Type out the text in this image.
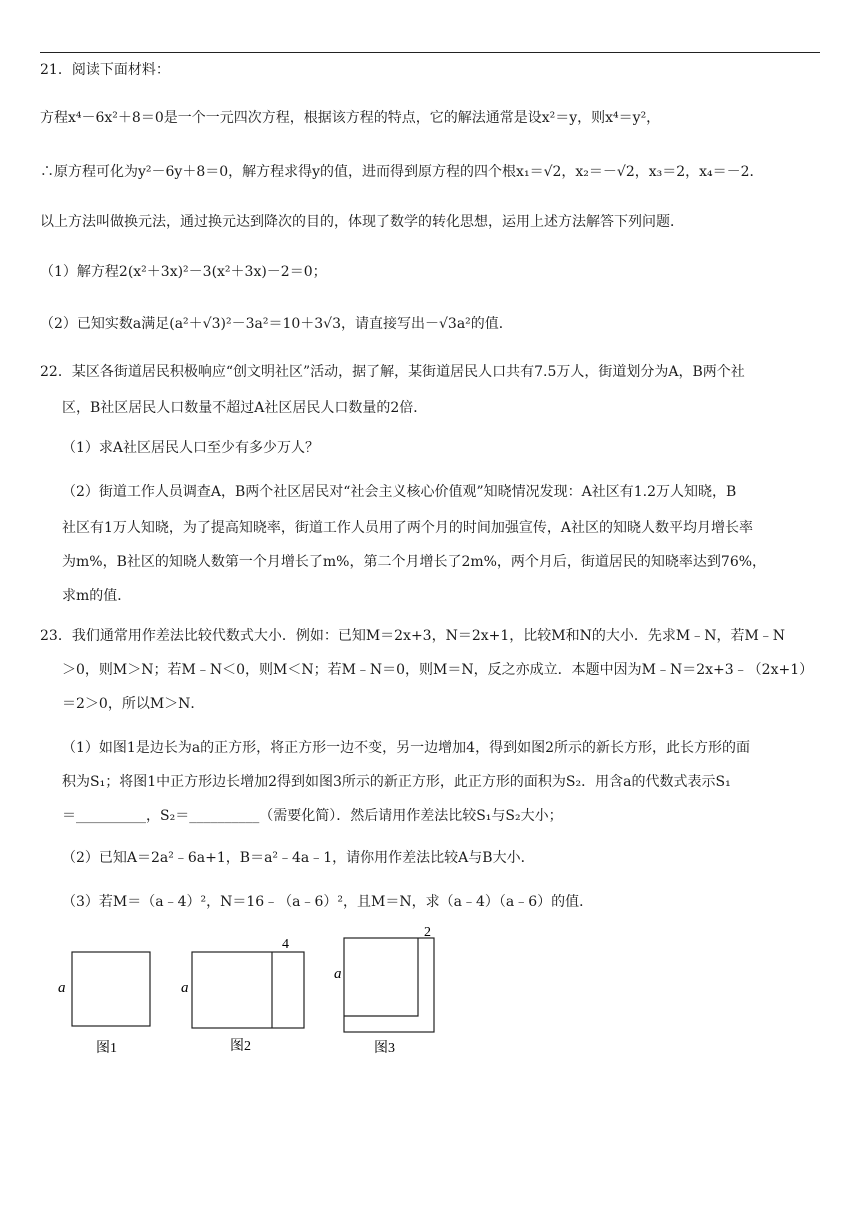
21．阅读下面材料：
方程x⁴－6x²＋8＝0是一个一元四次方程，根据该方程的特点，它的解法通常是设x²＝y，则x⁴＝y²，
∴原方程可化为y²－6y＋8＝0，解方程求得y的值，进而得到原方程的四个根x₁＝√2，x₂＝－√2，x₃＝2，x₄＝－2．
以上方法叫做换元法，通过换元达到降次的目的，体现了数学的转化思想，运用上述方法解答下列问题．
（1）解方程2(x²＋3x)²－3(x²＋3x)－2＝0；
（2）已知实数a满足(a²＋√3)²－3a²＝10＋3√3，请直接写出－√3a²的值．
22．某区各街道居民积极响应“创文明社区”活动，据了解，某街道居民人口共有7.5万人，街道划分为A，B两个社
区，B社区居民人口数量不超过A社区居民人口数量的2倍．
（1）求A社区居民人口至少有多少万人？
（2）街道工作人员调查A，B两个社区居民对“社会主义核心价值观”知晓情况发现：A社区有1.2万人知晓，B
社区有1万人知晓，为了提高知晓率，街道工作人员用了两个月的时间加强宣传，A社区的知晓人数平均月增长率
为m%，B社区的知晓人数第一个月增长了m%，第二个月增长了2m%，两个月后，街道居民的知晓率达到76%，
求m的值．
23．我们通常用作差法比较代数式大小．例如：已知M＝2x+3，N＝2x+1，比较M和N的大小．先求M﹣N，若M﹣N
＞0，则M＞N；若M﹣N＜0，则M＜N；若M﹣N＝0，则M＝N，反之亦成立．本题中因为M﹣N＝2x+3﹣（2x+1）
＝2＞0，所以M＞N．
（1）如图1是边长为a的正方形，将正方形一边不变，另一边增加4，得到如图2所示的新长方形，此长方形的面
积为S₁；将图1中正方形边长增加2得到如图3所示的新正方形，此正方形的面积为S₂．用含a的代数式表示S₁
＝__________，S₂＝__________（需要化简）．然后请用作差法比较S₁与S₂大小；
（2）已知A＝2a²﹣6a+1，B＝a²﹣4a﹣1，请你用作差法比较A与B大小．
（3）若M＝（a﹣4）²，N＝16﹣（a﹣6）²，且M＝N，求（a﹣4）（a﹣6）的值．
a
图1
4
a
图2
2
a
图3
